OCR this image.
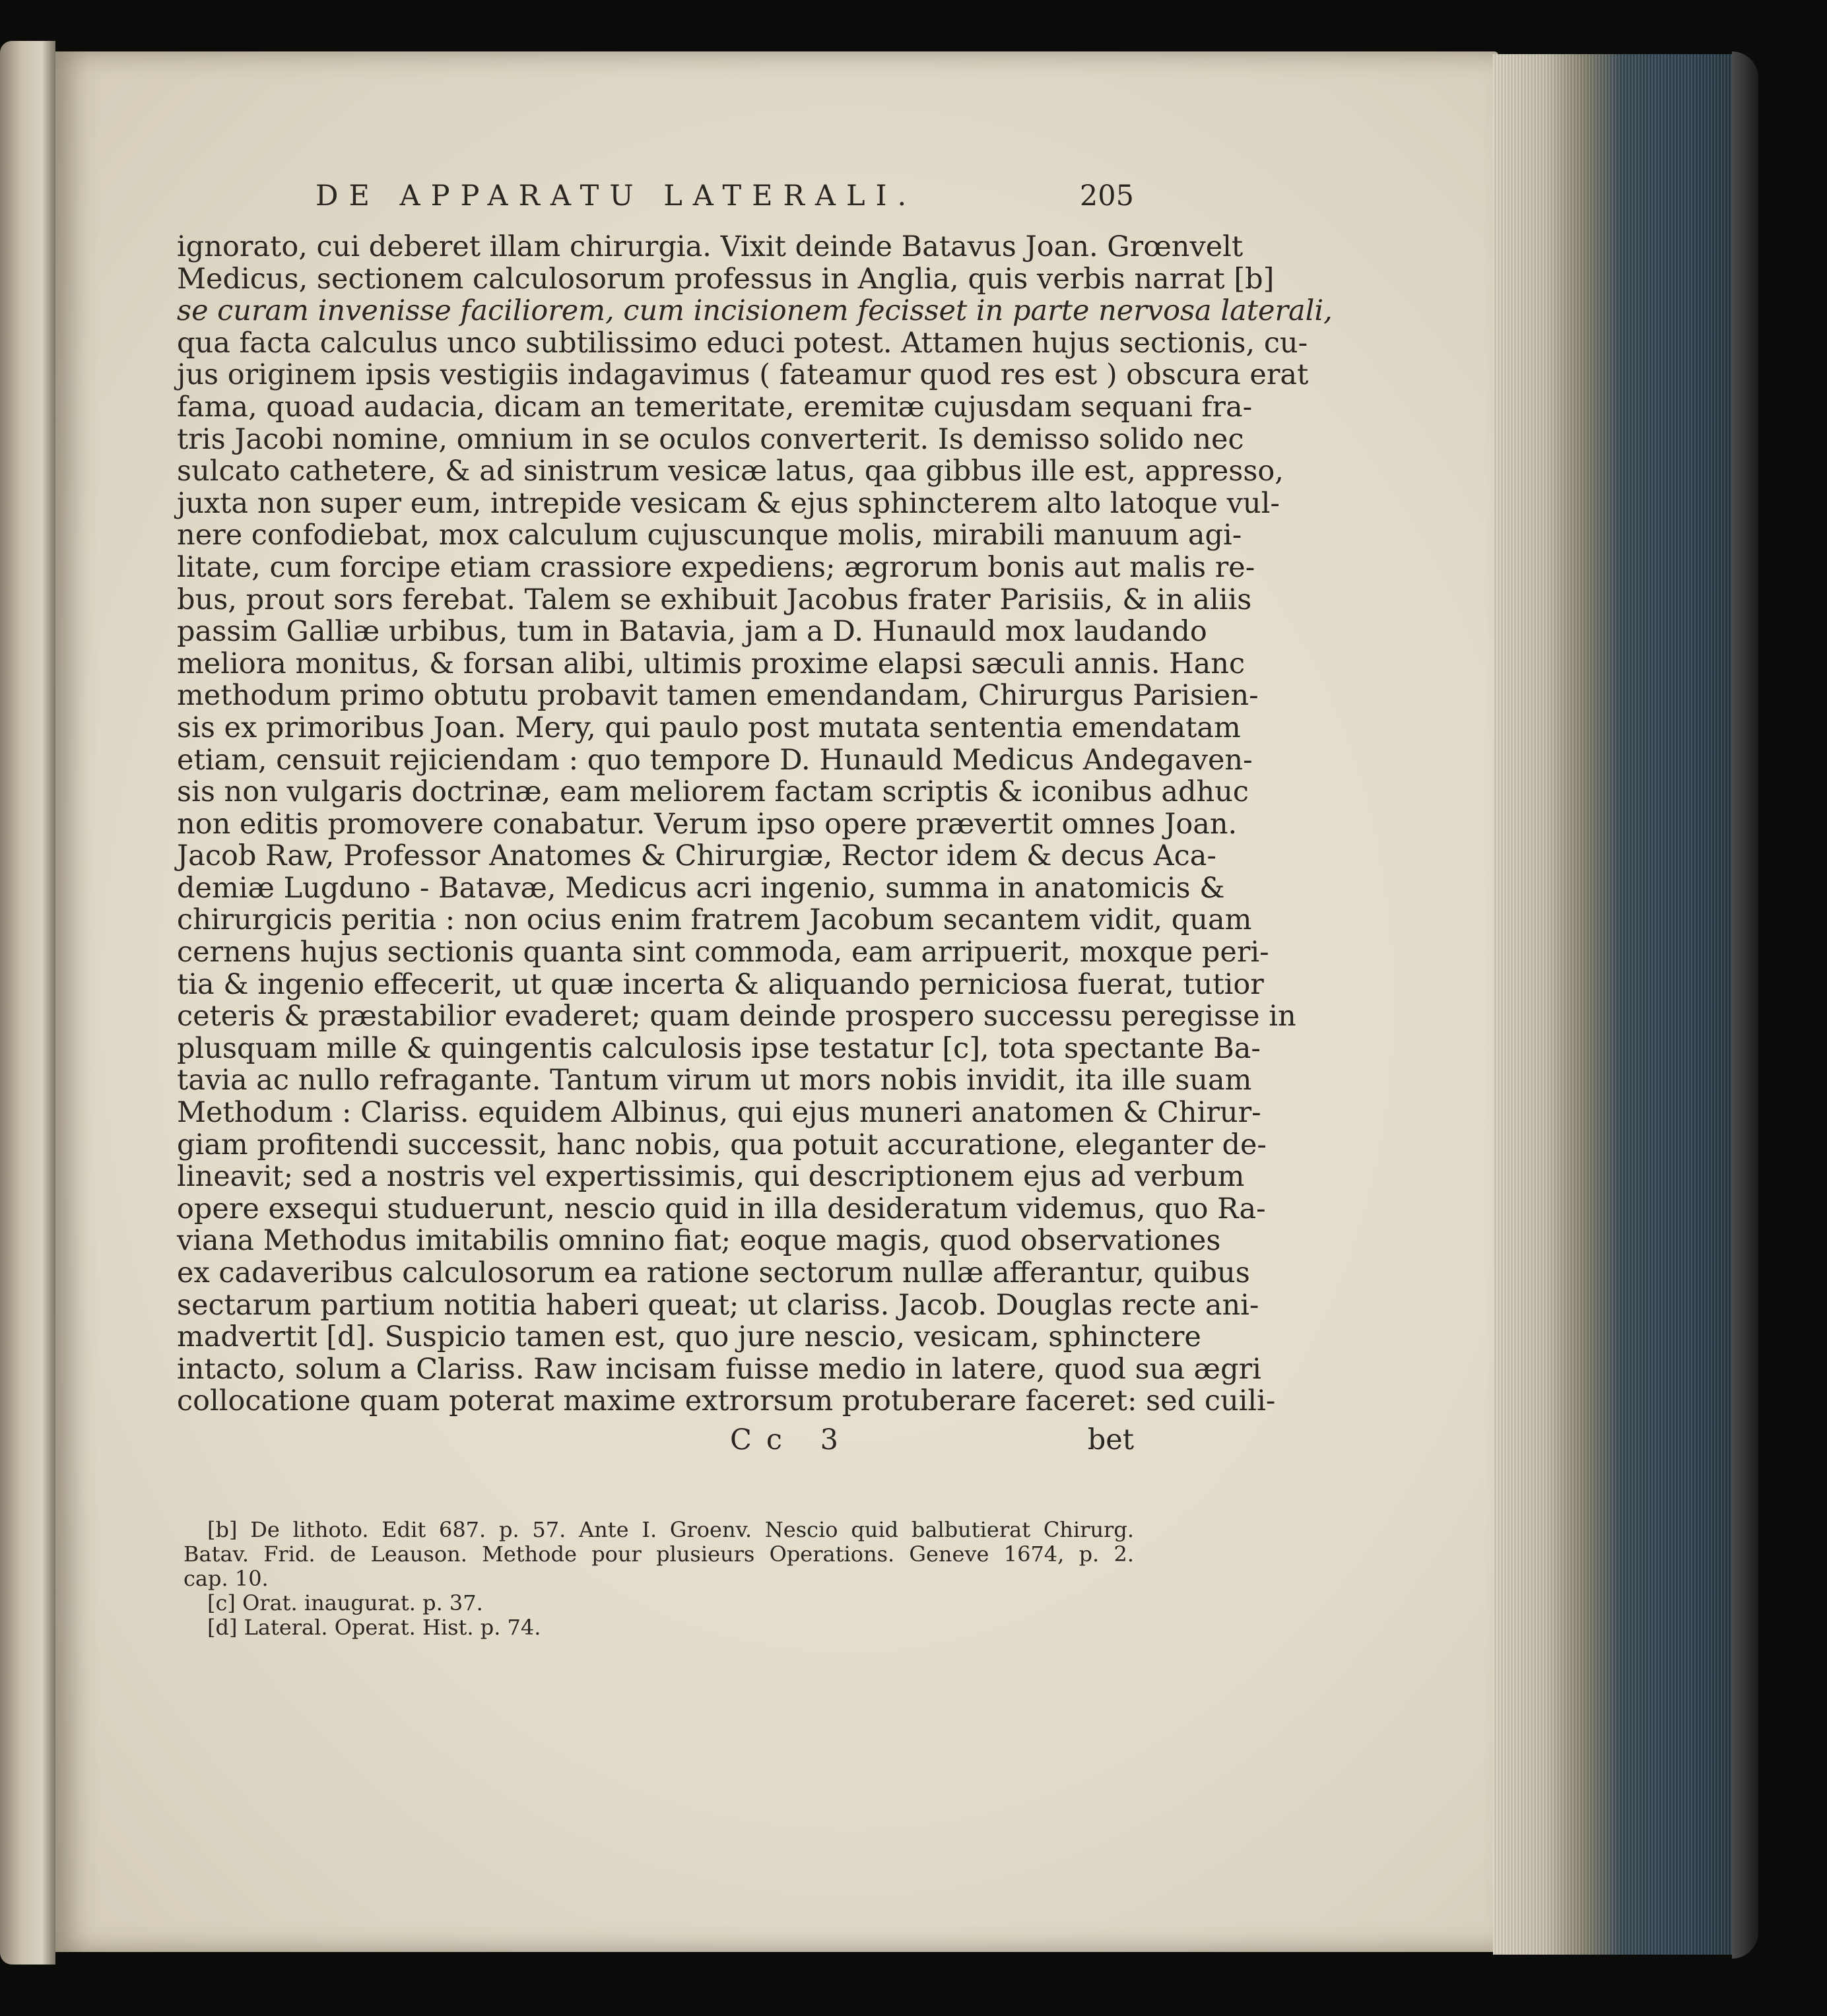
DE APPARATU LATERALI.	205
ignorato, cui deberet illam chirurgia. Vixit deinde Batavus Joan. Grœnvelt
Medicus, sectionem calculosorum professus in Anglia, quis verbis narrat [b]
se curam invenisse faciliorem, cum incisionem fecisset in parte nervosa laterali,
qua facta calculus unco subtilissimo educi potest. Attamen hujus sectionis, cu-
jus originem ipsis vestigiis indagavimus ( fateamur quod res est ) obscura erat
fama, quoad audacia, dicam an temeritate, eremitæ cujusdam sequani fra-
tris Jacobi nomine, omnium in se oculos converterit. Is demisso solido nec
sulcato cathetere, & ad sinistrum vesicæ latus, qaa gibbus ille est, appresso,
juxta non super eum, intrepide vesicam & ejus sphincterem alto latoque vul-
nere confodiebat, mox calculum cujuscunque molis, mirabili manuum agi-
litate, cum forcipe etiam crassiore expediens; ægrorum bonis aut malis re-
bus, prout sors ferebat. Talem se exhibuit Jacobus frater Parisiis, & in aliis
passim Galliæ urbibus, tum in Batavia, jam a D. Hunauld mox laudando
meliora monitus, & forsan alibi, ultimis proxime elapsi sæculi annis. Hanc
methodum primo obtutu probavit tamen emendandam, Chirurgus Parisien-
sis ex primoribus Joan. Mery, qui paulo post mutata sententia emendatam
etiam, censuit rejiciendam : quo tempore D. Hunauld Medicus Andegaven-
sis non vulgaris doctrinæ, eam meliorem factam scriptis & iconibus adhuc
non editis promovere conabatur. Verum ipso opere prævertit omnes Joan.
Jacob Raw, Professor Anatomes & Chirurgiæ, Rector idem & decus Aca-
demiæ Lugduno - Batavæ, Medicus acri ingenio, summa in anatomicis &
chirurgicis peritia : non ocius enim fratrem Jacobum secantem vidit, quam
cernens hujus sectionis quanta sint commoda, eam arripuerit, moxque peri-
tia & ingenio effecerit, ut quæ incerta & aliquando perniciosa fuerat, tutior
ceteris & præstabilior evaderet; quam deinde prospero successu peregisse in
plusquam mille & quingentis calculosis ipse testatur [c], tota spectante Ba-
tavia ac nullo refragante. Tantum virum ut mors nobis invidit, ita ille suam
Methodum : Clariss. equidem Albinus, qui ejus muneri anatomen & Chirur-
giam profitendi successit, hanc nobis, qua potuit accuratione, eleganter de-
lineavit; sed a nostris vel expertissimis, qui descriptionem ejus ad verbum
opere exsequi studuerunt, nescio quid in illa desideratum videmus, quo Ra-
viana Methodus imitabilis omnino fiat; eoque magis, quod observationes
ex cadaveribus calculosorum ea ratione sectorum nullæ afferantur, quibus
sectarum partium notitia haberi queat; ut clariss. Jacob. Douglas recte ani-
madvertit [d]. Suspicio tamen est, quo jure nescio, vesicam, sphinctere
intacto, solum a Clariss. Raw incisam fuisse medio in latere, quod sua ægri
collocatione quam poterat maxime extrorsum protuberare faceret: sed cuili-
Cc 3	bet
[b] De lithoto. Edit 687. p. 57. Ante I. Groenv. Nescio quid balbutierat Chirurg.
Batav. Frid. de Leauson. Methode pour plusieurs Operations. Geneve 1674, p. 2.
cap. 10.
[c] Orat. inaugurat. p. 37.
[d] Lateral. Operat. Hist. p. 74.
